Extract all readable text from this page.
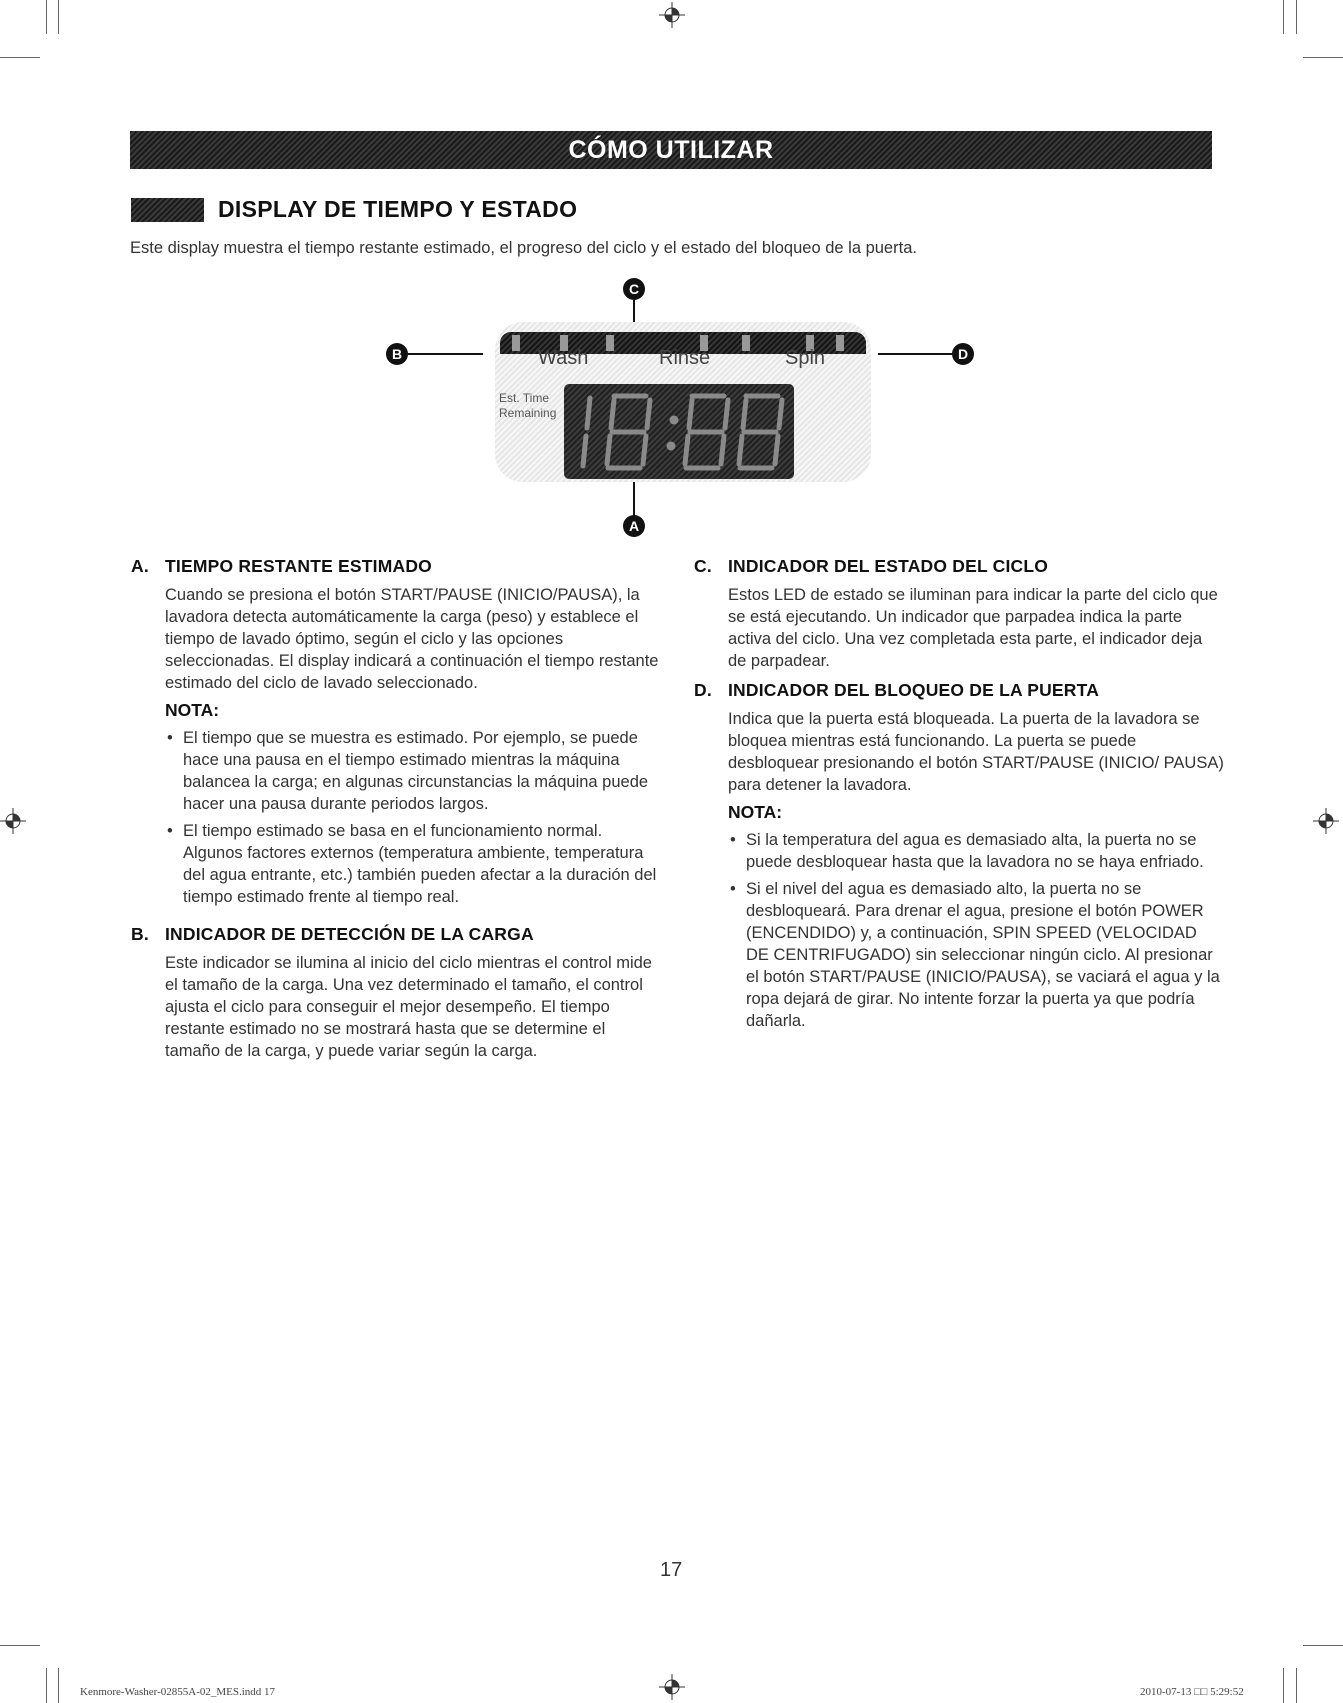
CÓMO UTILIZAR
DISPLAY DE TIEMPO Y ESTADO
Este display muestra el tiempo restante estimado, el progreso del ciclo y el estado del bloqueo de la puerta.
C
A
B	D
Wash	Rinse	Spin
Est. Time
Remaining
A. TIEMPO RESTANTE ESTIMADO

Cuando se presiona el botón START/PAUSE (INICIO/PAUSA), la lavadora detecta automáticamente la carga (peso) y establece el tiempo de lavado óptimo, según el ciclo y las opciones seleccionadas. El display indicará a continuación el tiempo restante estimado del ciclo de lavado seleccionado.

NOTA:
• El tiempo que se muestra es estimado. Por ejemplo, se puede hace una pausa en el tiempo estimado mientras la máquina balancea la carga; en algunas circunstancias la máquina puede hacer una pausa durante periodos largos.
• El tiempo estimado se basa en el funcionamiento normal. Algunos factores externos (temperatura ambiente, temperatura del agua entrante, etc.) también pueden afectar a la duración del tiempo estimado frente al tiempo real.
B. INDICADOR DE DETECCIÓN DE LA CARGA

Este indicador se ilumina al inicio del ciclo mientras el control mide el tamaño de la carga. Una vez determinado el tamaño, el control ajusta el ciclo para conseguir el mejor desempeño. El tiempo restante estimado no se mostrará hasta que se determine el tamaño de la carga, y puede variar según la carga.

C. INDICADOR DEL ESTADO DEL CICLO

Estos LED de estado se iluminan para indicar la parte del ciclo que se está ejecutando. Un indicador que parpadea indica la parte activa del ciclo. Una vez completada esta parte, el indicador deja de parpadear.

D. INDICADOR DEL BLOQUEO DE LA PUERTA

Indica que la puerta está bloqueada. La puerta de la lavadora se bloquea mientras está funcionando. La puerta se puede desbloquear presionando el botón START/PAUSE (INICIO/ PAUSA) para detener la lavadora.

NOTA:
• Si la temperatura del agua es demasiado alta, la puerta no se puede desbloquear hasta que la lavadora no se haya enfriado.
• Si el nivel del agua es demasiado alto, la puerta no se desbloqueará. Para drenar el agua, presione el botón POWER (ENCENDIDO) y, a continuación, SPIN SPEED (VELOCIDAD DE CENTRIFUGADO) sin seleccionar ningún ciclo. Al presionar el botón START/PAUSE (INICIO/PAUSA), se vaciará el agua y la ropa dejará de girar. No intente forzar la puerta ya que podría dañarla.
17
Kenmore-Washer-02855A-02_MES.indd 17	2010-07-13 □□ 5:29:52
